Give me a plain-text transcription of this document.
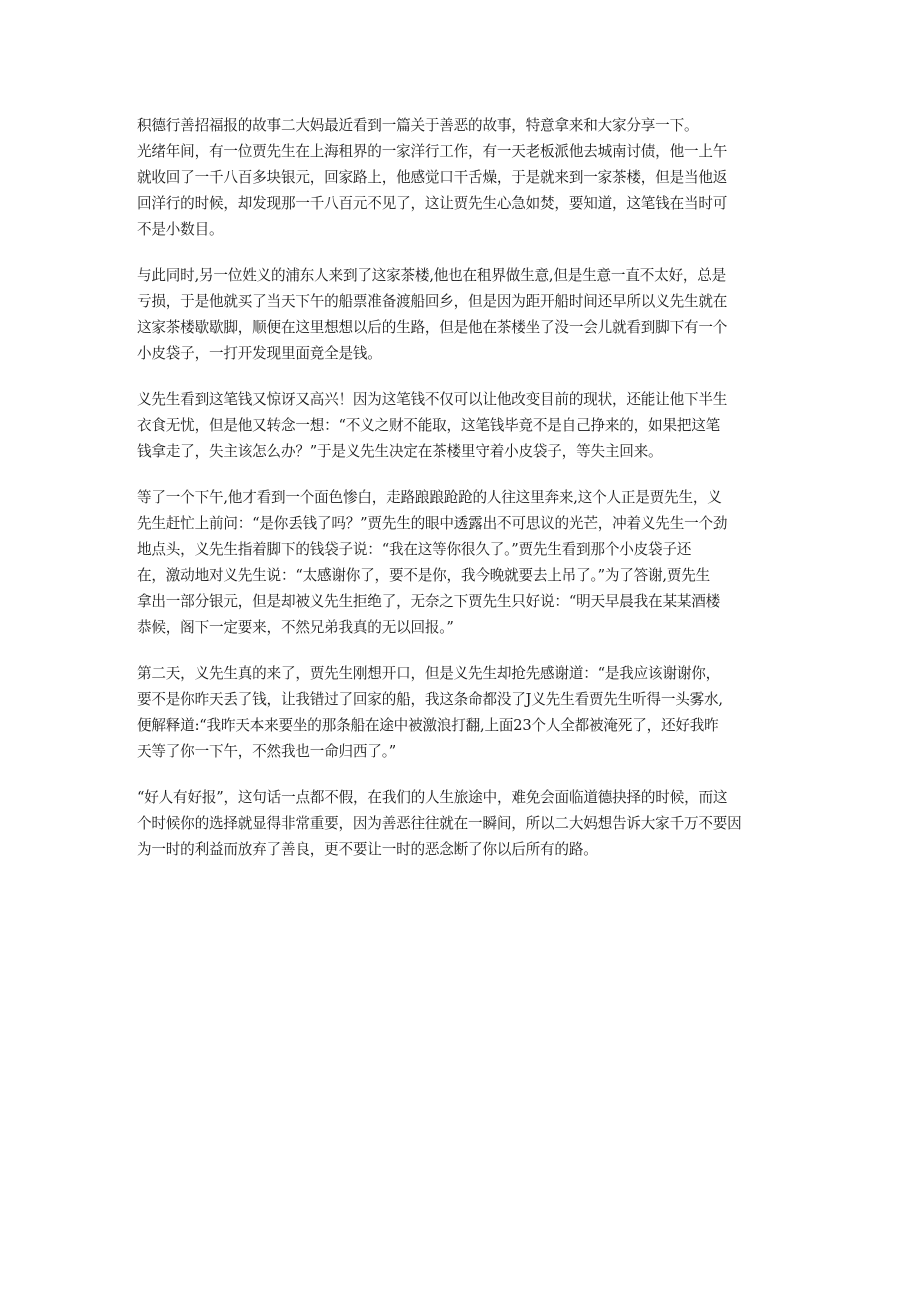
积德行善招福报的故事二大妈最近看到一篇关于善恶的故事，特意拿来和大家分享一下。
光绪年间，有一位贾先生在上海租界的一家洋行工作，有一天老板派他去城南讨债，他一上午
就收回了一千八百多块银元，回家路上，他感觉口干舌燥，于是就来到一家茶楼，但是当他返
回洋行的时候，却发现那一千八百元不见了，这让贾先生心急如焚，要知道，这笔钱在当时可
不是小数目。
与此同时,另一位姓义的浦东人来到了这家茶楼,他也在租界做生意,但是生意一直不太好，总是
亏损，于是他就买了当天下午的船票准备渡船回乡，但是因为距开船时间还早所以义先生就在
这家茶楼歇歇脚，顺便在这里想想以后的生路，但是他在茶楼坐了没一会儿就看到脚下有一个
小皮袋子，一打开发现里面竟全是钱。
义先生看到这笔钱又惊讶又高兴！因为这笔钱不仅可以让他改变目前的现状，还能让他下半生
衣食无忧，但是他又转念一想：“不义之财不能取，这笔钱毕竟不是自己挣来的，如果把这笔
钱拿走了，失主该怎么办？”于是义先生决定在茶楼里守着小皮袋子，等失主回来。
等了一个下午,他才看到一个面色惨白，走路踉踉跄跄的人往这里奔来,这个人正是贾先生，义
先生赶忙上前问：“是你丢钱了吗？”贾先生的眼中透露出不可思议的光芒，冲着义先生一个劲
地点头，义先生指着脚下的钱袋子说：“我在这等你很久了。”贾先生看到那个小皮袋子还
在，激动地对义先生说：“太感谢你了，要不是你，我今晚就要去上吊了。”为了答谢,贾先生
拿出一部分银元，但是却被义先生拒绝了，无奈之下贾先生只好说：“明天早晨我在某某酒楼
恭候，阁下一定要来，不然兄弟我真的无以回报。”
第二天，义先生真的来了，贾先生刚想开口，但是义先生却抢先感谢道：“是我应该谢谢你，
要不是你昨天丢了钱，让我错过了回家的船，我这条命都没了J义先生看贾先生听得一头雾水,
便解释道:“我昨天本来要坐的那条船在途中被激浪打翻,上面23个人全都被淹死了，还好我昨
天等了你一下午，不然我也一命归西了。”
“好人有好报”，这句话一点都不假，在我们的人生旅途中，难免会面临道德抉择的时候，而这
个时候你的选择就显得非常重要，因为善恶往往就在一瞬间，所以二大妈想告诉大家千万不要因
为一时的利益而放弃了善良，更不要让一时的恶念断了你以后所有的路。
